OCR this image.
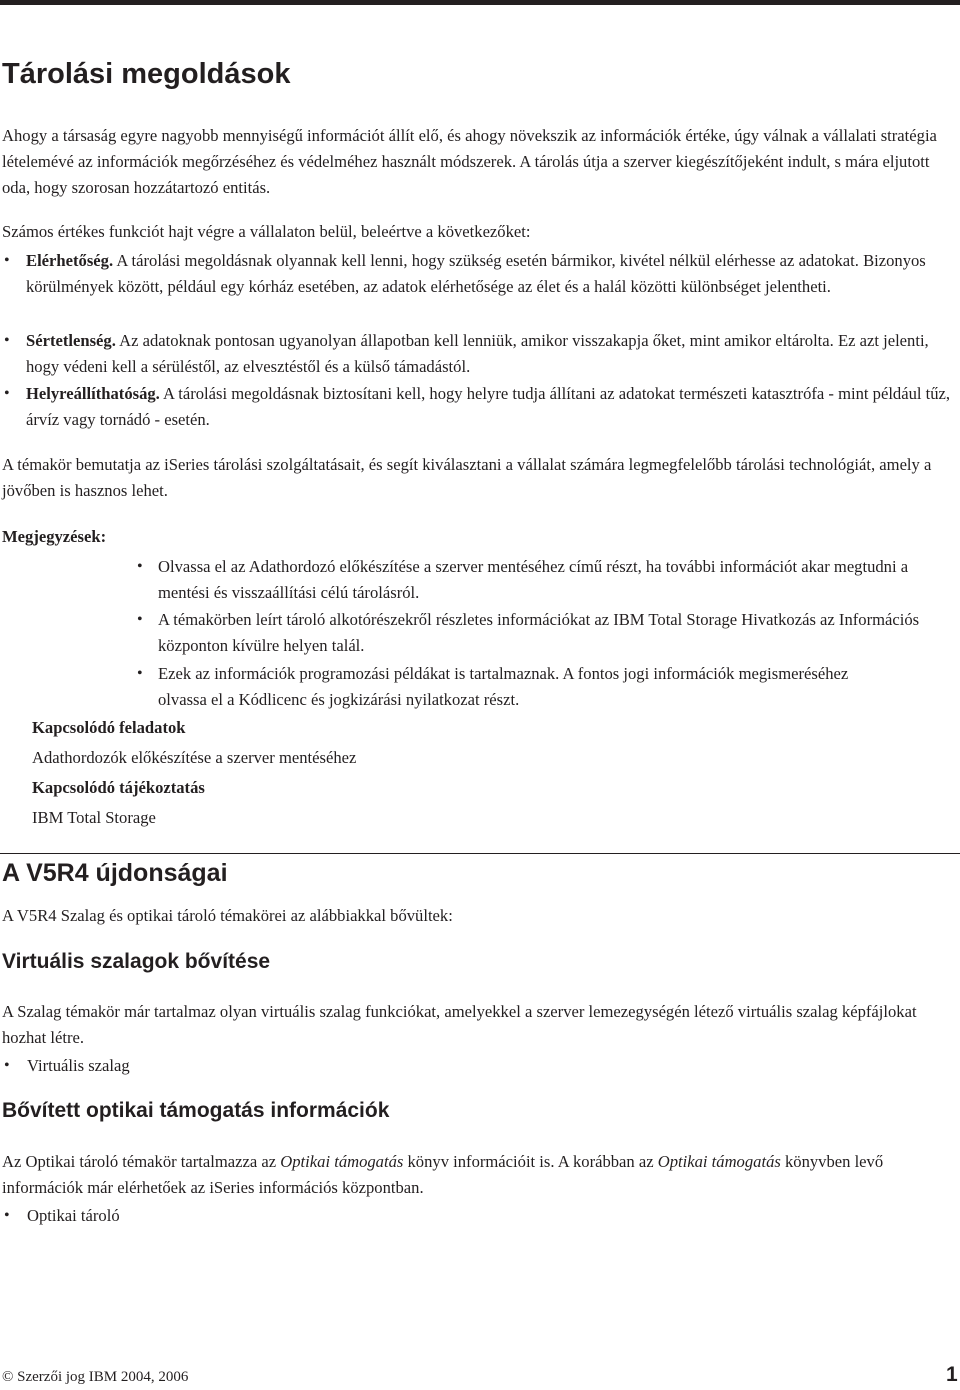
Tárolási megoldások

Ahogy a társaság egyre nagyobb mennyiségű információt állít elő, és ahogy növekszik az információk értéke, úgy válnak a vállalati stratégia lételemévé az információk megőrzéséhez és védelméhez használt módszerek. A tárolás útja a szerver kiegészítőjeként indult, s mára eljutott oda, hogy szorosan hozzátartozó entitás.

Számos értékes funkciót hajt végre a vállalaton belül, beleértve a következőket:

• Elérhetőség. A tárolási megoldásnak olyannak kell lenni, hogy szükség esetén bármikor, kivétel nélkül elérhesse az adatokat. Bizonyos körülmények között, például egy kórház esetében, az adatok elérhetősége az élet és a halál közötti különbséget jelentheti.

• Sértetlenség. Az adatoknak pontosan ugyanolyan állapotban kell lenniük, amikor visszakapja őket, mint amikor eltárolta. Ez azt jelenti, hogy védeni kell a sérüléstől, az elvesztéstől és a külső támadástól.

• Helyreállíthatóság. A tárolási megoldásnak biztosítani kell, hogy helyre tudja állítani az adatokat természeti katasztrófa - mint például tűz, árvíz vagy tornádó - esetén.

A témakör bemutatja az iSeries tárolási szolgáltatásait, és segít kiválasztani a vállalat számára legmegfelelőbb tárolási technológiát, amely a jövőben is hasznos lehet.

Megjegyzések:

• Olvassa el az Adathordozó előkészítése a szerver mentéséhez című részt, ha további információt akar megtudni a mentési és visszaállítási célú tárolásról.

• A témakörben leírt tároló alkotórészekről részletes információkat az IBM Total Storage Hivatkozás az Információs központon kívülre helyen talál.

• Ezek az információk programozási példákat is tartalmaznak. A fontos jogi információk megismeréséhez olvassa el a Kódlicenc és jogkizárási nyilatkozat részt.

Kapcsolódó feladatok

Adathordozók előkészítése a szerver mentéséhez

Kapcsolódó tájékoztatás

IBM Total Storage

A V5R4 újdonságai

A V5R4 Szalag és optikai tároló témakörei az alábbiakkal bővültek:

Virtuális szalagok bővítése

A Szalag témakör már tartalmaz olyan virtuális szalag funkciókat, amelyekkel a szerver lemezegységén létező virtuális szalag képfájlokat hozhat létre.

• Virtuális szalag

Bővített optikai támogatás információk

Az Optikai tároló témakör tartalmazza az Optikai támogatás könyv információit is. A korábban az Optikai támogatás könyvben levő információk már elérhetőek az iSeries információs központban.

• Optikai tároló

© Szerzői jog IBM 2004, 2006	1
